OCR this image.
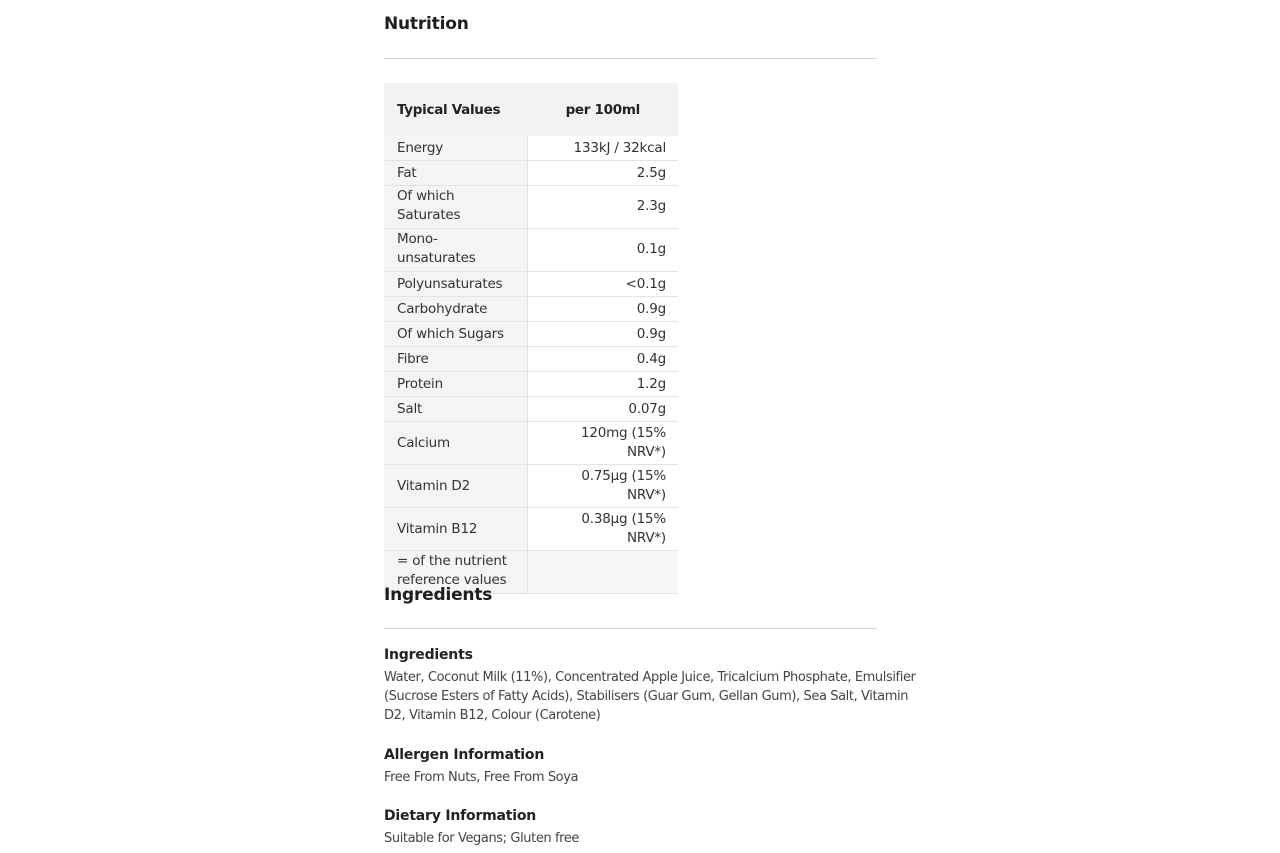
Nutrition
Typical Values	per 100ml
Energy	133kJ / 32kcal
Fat	2.5g
Of which Saturates	2.3g
Mono-unsaturates	0.1g
Polyunsaturates	<0.1g
Carbohydrate	0.9g
Of which Sugars	0.9g
Fibre	0.4g
Protein	1.2g
Salt	0.07g
Calcium	120mg (15% NRV*)
Vitamin D2	0.75µg (15% NRV*)
Vitamin B12	0.38µg (15% NRV*)
= of the nutrient reference values	
Ingredients
Ingredients

Water, Coconut Milk (11%), Concentrated Apple Juice, Tricalcium Phosphate, Emulsifier (Sucrose Esters of Fatty Acids), Stabilisers (Guar Gum, Gellan Gum), Sea Salt, Vitamin D2, Vitamin B12, Colour (Carotene)

Allergen Information

Free From Nuts, Free From Soya

Dietary Information

Suitable for Vegans; Gluten free
